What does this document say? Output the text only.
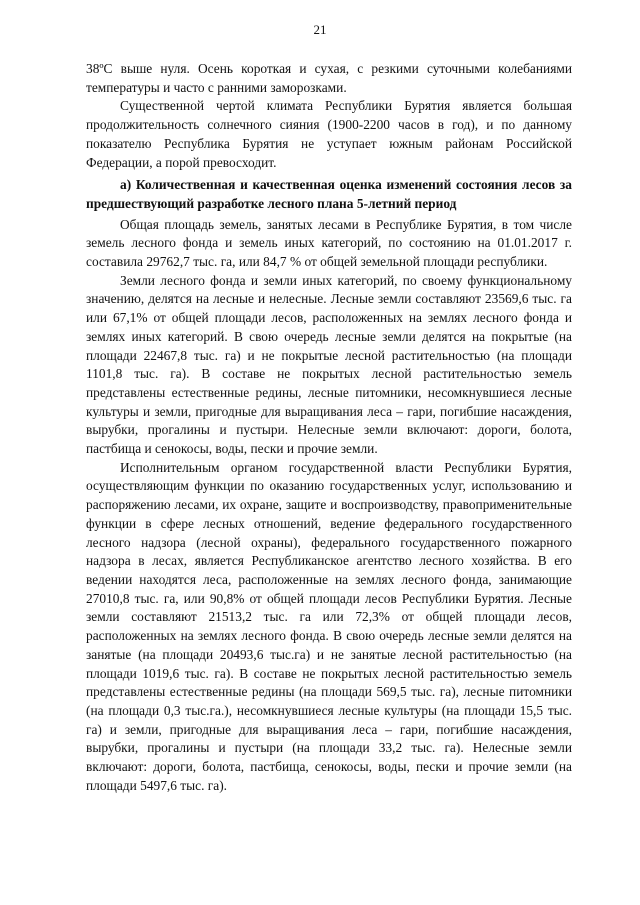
21

38ºС выше нуля. Осень короткая и сухая, с резкими суточными колебаниями температуры и часто с ранними заморозками.

Существенной чертой климата Республики Бурятия является большая продолжительность солнечного сияния (1900-2200 часов в год), и по данному показателю Республика Бурятия не уступает южным районам Российской Федерации, а порой превосходит.

а) Количественная и качественная оценка изменений состояния лесов за предшествующий разработке лесного плана 5-летний период

Общая площадь земель, занятых лесами в Республике Бурятия, в том числе земель лесного фонда и земель иных категорий, по состоянию на 01.01.2017 г. составила 29762,7 тыс. га, или 84,7 % от общей земельной площади республики.

Земли лесного фонда и земли иных категорий, по своему функциональному значению, делятся на лесные и нелесные. Лесные земли составляют 23569,6 тыс. га или 67,1% от общей площади лесов, расположенных на землях лесного фонда и землях иных категорий. В свою очередь лесные земли делятся на покрытые (на площади 22467,8 тыс. га) и не покрытые лесной растительностью (на площади 1101,8 тыс. га). В составе не покрытых лесной растительностью земель представлены естественные редины, лесные питомники, несомкнувшиеся лесные культуры и земли, пригодные для выращивания леса – гари, погибшие насаждения, вырубки, прогалины и пустыри. Нелесные земли включают: дороги, болота, пастбища и сенокосы, воды, пески и прочие земли.

Исполнительным органом государственной власти Республики Бурятия, осуществляющим функции по оказанию государственных услуг, использованию и распоряжению лесами, их охране, защите и воспроизводству, правоприменительные функции в сфере лесных отношений, ведение федерального государственного лесного надзора (лесной охраны), федерального государственного пожарного надзора в лесах, является Республиканское агентство лесного хозяйства. В его ведении находятся леса, расположенные на землях лесного фонда, занимающие 27010,8 тыс. га, или 90,8% от общей площади лесов Республики Бурятия. Лесные земли составляют 21513,2 тыс. га или 72,3% от общей площади лесов, расположенных на землях лесного фонда. В свою очередь лесные земли делятся на занятые (на площади 20493,6 тыс.га) и не занятые лесной растительностью (на площади 1019,6 тыс. га). В составе не покрытых лесной растительностью земель представлены естественные редины (на площади 569,5 тыс. га), лесные питомники (на площади 0,3 тыс.га.), несомкнувшиеся лесные культуры (на площади 15,5 тыс. га) и земли, пригодные для выращивания леса – гари, погибшие насаждения, вырубки, прогалины и пустыри (на площади 33,2 тыс. га). Нелесные земли включают: дороги, болота, пастбища, сенокосы, воды, пески и прочие земли (на площади 5497,6 тыс. га).
